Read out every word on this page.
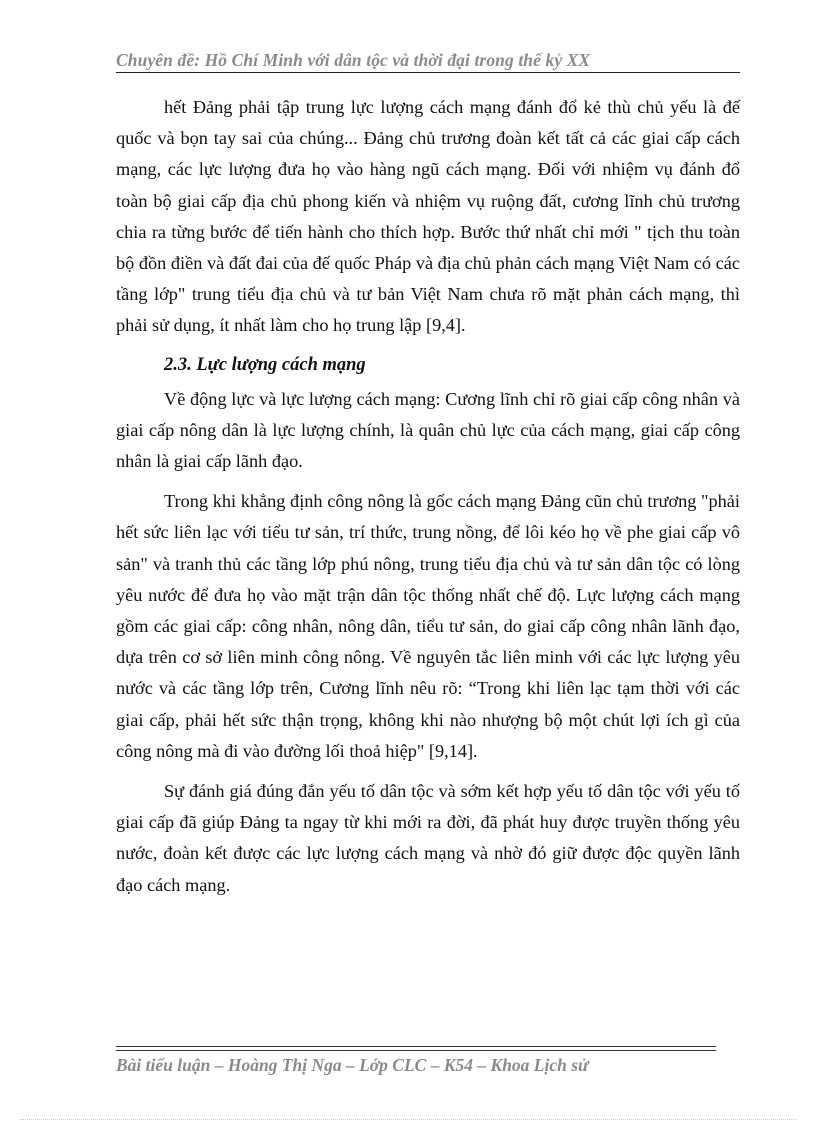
Chuyên đề: Hồ Chí Minh với dân tộc và thời đại trong thế kỷ XX

hết Đảng phải tập trung lực lượng cách mạng đánh đổ kẻ thù chủ yếu là đế quốc và bọn tay sai của chúng... Đảng chủ trương đoàn kết tất cả các giai cấp cách mạng, các lực lượng đưa họ vào hàng ngũ cách mạng. Đối với nhiệm vụ đánh đổ toàn bộ giai cấp địa chủ phong kiến và nhiệm vụ ruộng đất, cương lĩnh chủ trương chia ra từng bước để tiến hành cho thích hợp. Bước thứ nhất chỉ mới " tịch thu toàn bộ đồn điền và đất đai của đế quốc Pháp và địa chủ phản cách mạng Việt Nam có các tầng lớp" trung tiểu địa chủ và tư bản Việt Nam chưa rõ mặt phản cách mạng, thì phải sử dụng, ít nhất làm cho họ trung lập [9,4].

2.3. Lực lượng cách mạng

Về động lực và lực lượng cách mạng: Cương lĩnh chỉ rõ giai cấp công nhân và giai cấp nông dân là lực lượng chính, là quân chủ lực của cách mạng, giai cấp công nhân là giai cấp lãnh đạo.

Trong khi khẳng định công nông là gốc cách mạng Đảng cũn chủ trương "phải hết sức liên lạc với tiểu tư sản, trí thức, trung nồng, để lôi kéo họ về phe giai cấp vô sản" và tranh thủ các tầng lớp phú nông, trung tiểu địa chủ và tư sản dân tộc có lòng yêu nước để đưa họ vào mặt trận dân tộc thống nhất chế độ. Lực lượng cách mạng gồm các giai cấp: công nhân, nông dân, tiểu tư sản, do giai cấp công nhân lãnh đạo, dựa trên cơ sở liên minh công nông. Về nguyên tắc liên minh với các lực lượng yêu nước và các tầng lớp trên, Cương lĩnh nêu rõ: “Trong khi liên lạc tạm thời với các giai cấp, phải hết sức thận trọng, không khi nào nhượng bộ một chút lợi ích gì của công nông mà đi vào đường lối thoả hiệp" [9,14].

Sự đánh giá đúng đắn yếu tố dân tộc và sớm kết hợp yếu tố dân tộc với yếu tố giai cấp đã giúp Đảng ta ngay từ khi mới ra đời, đã phát huy được truyền thống yêu nước, đoàn kết được các lực lượng cách mạng và nhờ đó giữ được độc quyền lãnh đạo cách mạng.

Bài tiểu luận – Hoàng Thị Nga – Lớp CLC – K54 – Khoa Lịch sử
